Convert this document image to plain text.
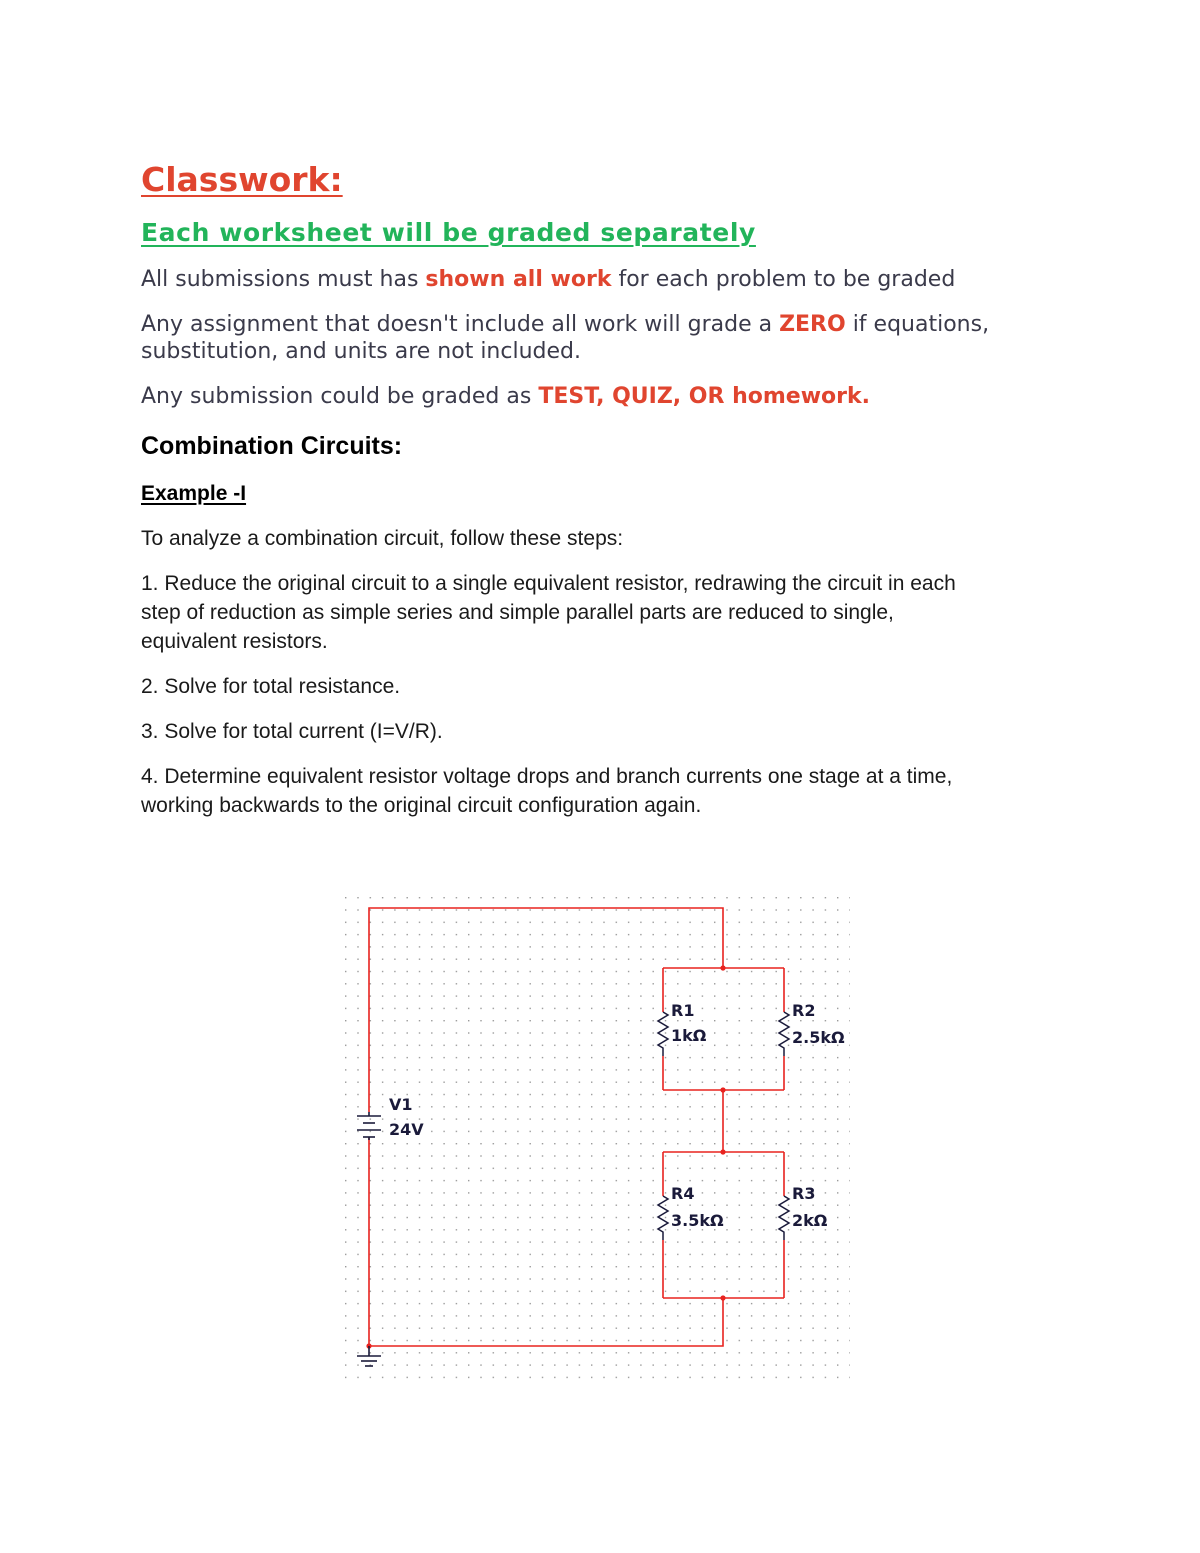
Classwork:
Each worksheet will be graded separately
All submissions must has shown all work for each problem to be graded
Any assignment that doesn't include all work will grade a ZERO if equations,
substitution, and units are not included.
Any submission could be graded as TEST, QUIZ, OR homework.
Combination Circuits:
Example -I
To analyze a combination circuit, follow these steps:
1. Reduce the original circuit to a single equivalent resistor, redrawing the circuit in each
step of reduction as simple series and simple parallel parts are reduced to single,
equivalent resistors.
2. Solve for total resistance.
3. Solve for total current (I=V/R).
4. Determine equivalent resistor voltage drops and branch currents one stage at a time,
working backwards to the original circuit configuration again.
V1
24V
R1
1kΩ
R2
2.5kΩ
R4
3.5kΩ
R3
2kΩ
